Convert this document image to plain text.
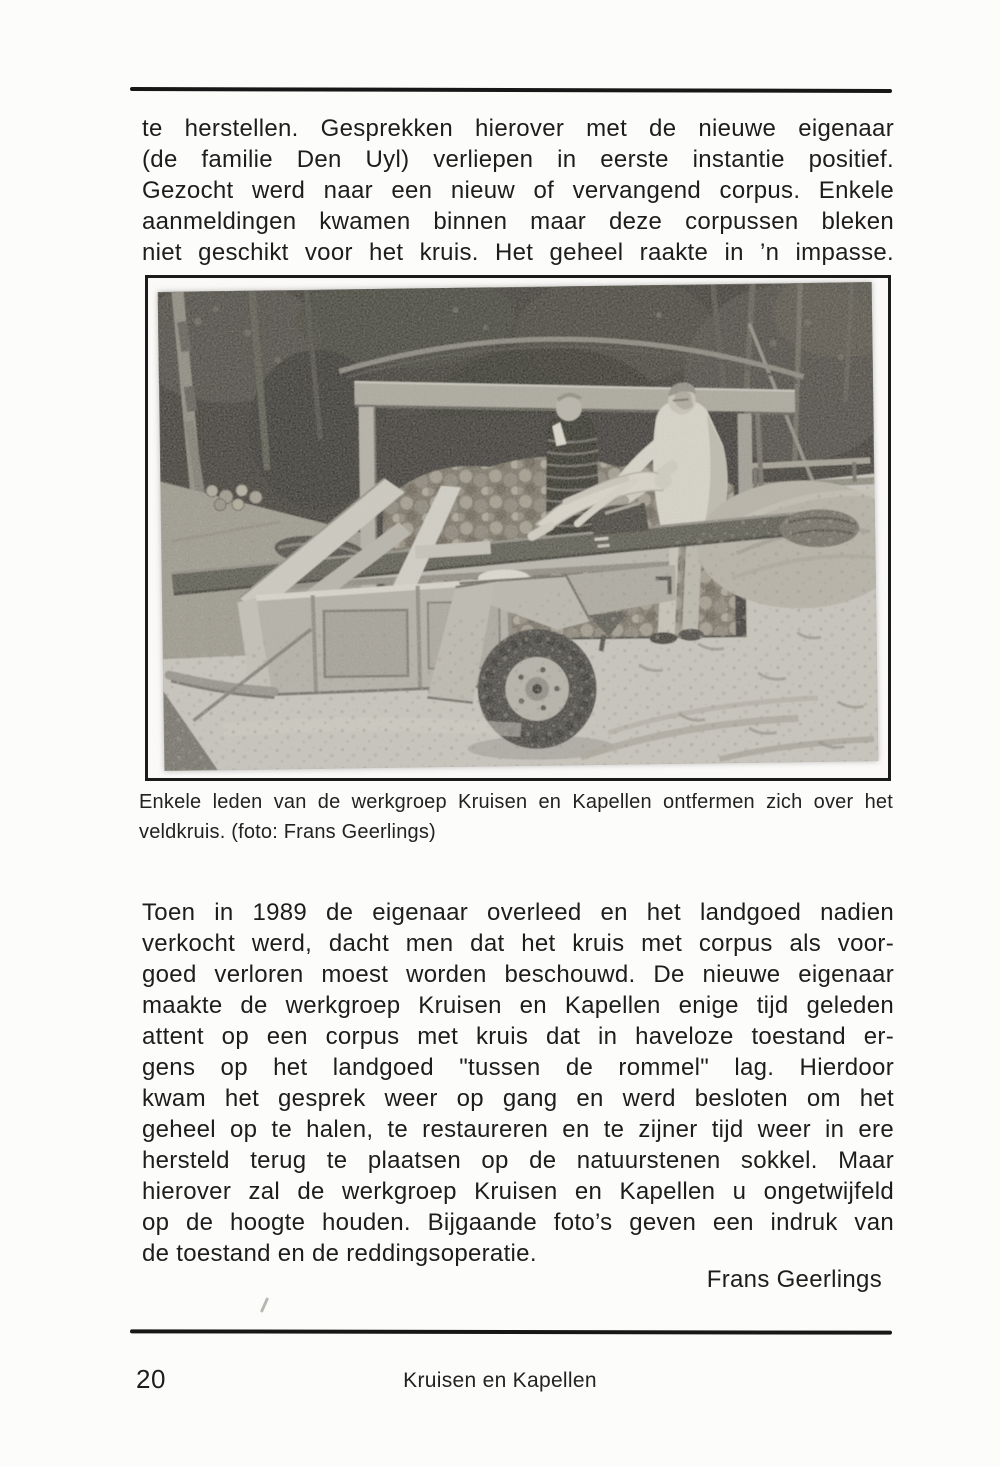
te herstellen. Gesprekken hierover met de nieuwe eigenaar
(de familie Den Uyl) verliepen in eerste instantie positief.
Gezocht werd naar een nieuw of vervangend corpus. Enkele
aanmeldingen kwamen binnen maar deze corpussen bleken
niet geschikt voor het kruis. Het geheel raakte in ’n impasse.
Enkele leden van de werkgroep Kruisen en Kapellen ontfermen zich over het
veldkruis. (foto: Frans Geerlings)
Toen in 1989 de eigenaar overleed en het landgoed nadien
verkocht werd, dacht men dat het kruis met corpus als voor-
goed verloren moest worden beschouwd. De nieuwe eigenaar
maakte de werkgroep Kruisen en Kapellen enige tijd geleden
attent op een corpus met kruis dat in haveloze toestand er-
gens op het landgoed "tussen de rommel" lag. Hierdoor
kwam het gesprek weer op gang en werd besloten om het
geheel op te halen, te restaureren en te zijner tijd weer in ere
hersteld terug te plaatsen op de natuurstenen sokkel. Maar
hierover zal de werkgroep Kruisen en Kapellen u ongetwijfeld
op de hoogte houden. Bijgaande foto’s geven een indruk van
de toestand en de reddingsoperatie.
Frans Geerlings
20	Kruisen en Kapellen
